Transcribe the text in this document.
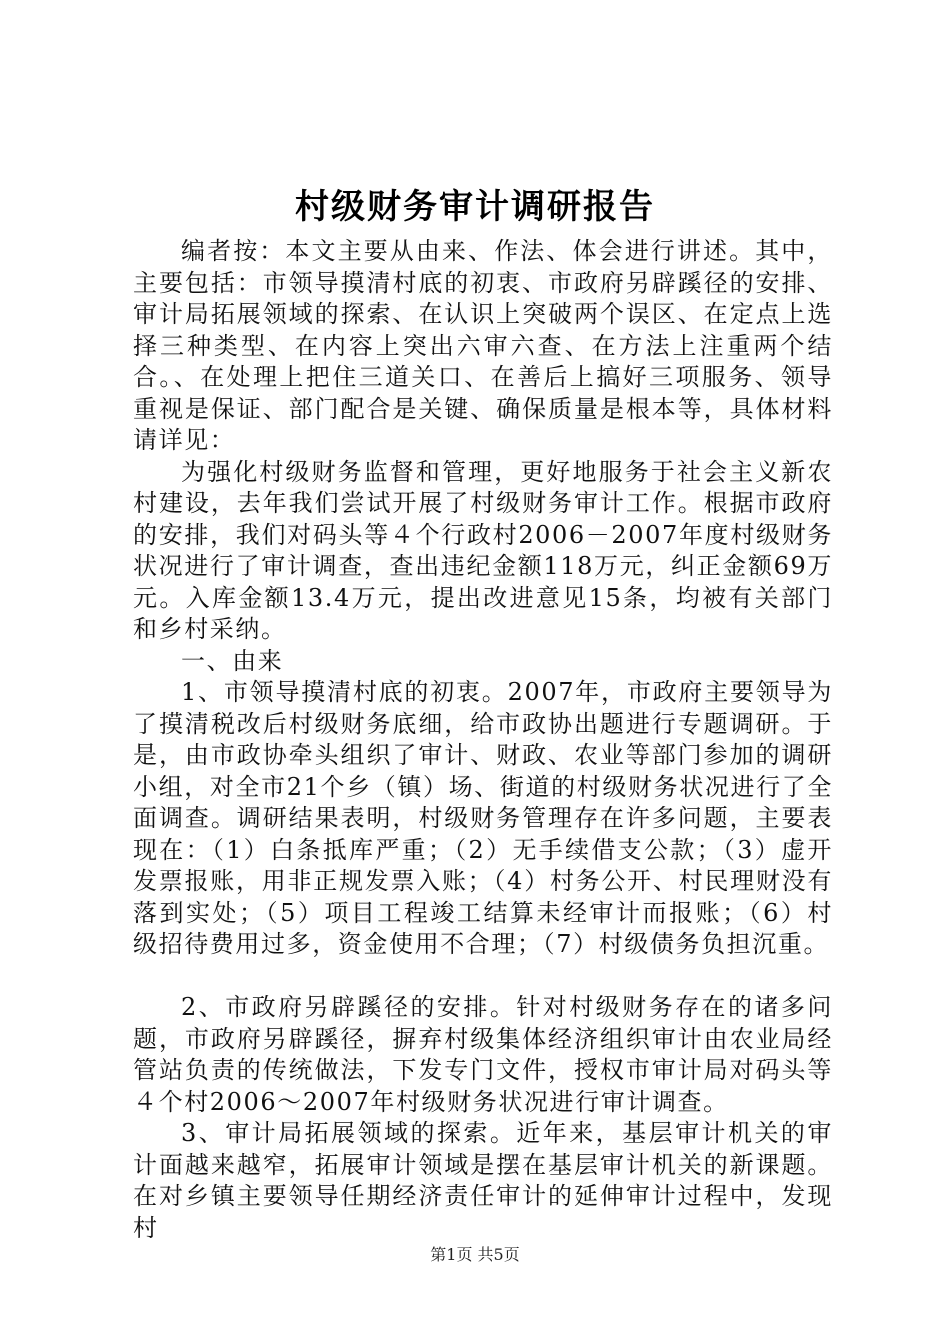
村级财务审计调研报告

编者按：本文主要从由来、作法、体会进行讲述。其中，主要包括：市领导摸清村底的初衷、市政府另辟蹊径的安排、审计局拓展领域的探索、在认识上突破两个误区、在定点上选择三种类型、在内容上突出六审六查、在方法上注重两个结合。、在处理上把住三道关口、在善后上搞好三项服务、领导重视是保证、部门配合是关键、确保质量是根本等，具体材料请详见：

为强化村级财务监督和管理，更好地服务于社会主义新农村建设，去年我们尝试开展了村级财务审计工作。根据市政府的安排，我们对码头等４个行政村2006－2007年度村级财务状况进行了审计调查，查出违纪金额118万元，纠正金额69万元。入库金额13.4万元，提出改进意见15条，均被有关部门和乡村采纳。

一、由来

1、市领导摸清村底的初衷。2007年，市政府主要领导为了摸清税改后村级财务底细，给市政协出题进行专题调研。于是，由市政协牵头组织了审计、财政、农业等部门参加的调研小组，对全市21个乡（镇）场、街道的村级财务状况进行了全面调查。调研结果表明，村级财务管理存在许多问题，主要表现在：（1）白条抵库严重；（2）无手续借支公款；（3）虚开发票报账，用非正规发票入账；（4）村务公开、村民理财没有落到实处；（5）项目工程竣工结算未经审计而报账；（6）村级招待费用过多，资金使用不合理；（7）村级债务负担沉重。

2、市政府另辟蹊径的安排。针对村级财务存在的诸多问题，市政府另辟蹊径，摒弃村级集体经济组织审计由农业局经管站负责的传统做法，下发专门文件，授权市审计局对码头等４个村2006～2007年村级财务状况进行审计调查。

3、审计局拓展领域的探索。近年来，基层审计机关的审计面越来越窄，拓展审计领域是摆在基层审计机关的新课题。在对乡镇主要领导任期经济责任审计的延伸审计过程中，发现村

第1页 共5页
